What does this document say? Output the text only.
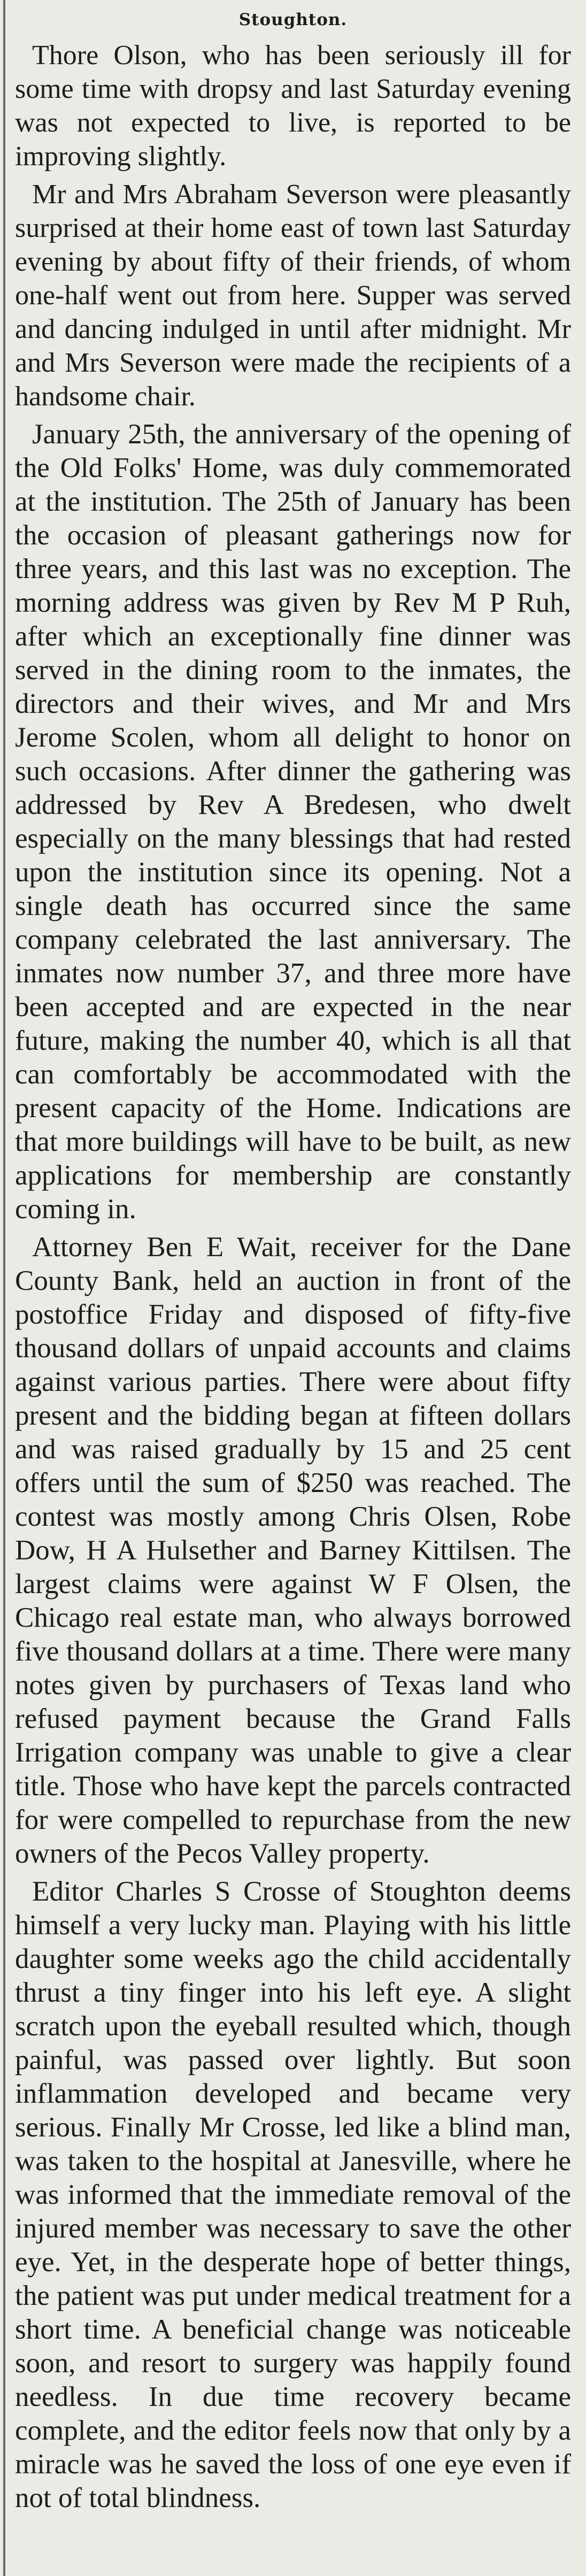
Stoughton.

Thore Olson, who has been seriously ill for some time with dropsy and last Saturday evening was not expected to live, is reported to be improving slightly.

Mr and Mrs Abraham Severson were pleasantly surprised at their home east of town last Saturday evening by about fifty of their friends, of whom one-half went out from here. Supper was served and dancing indulged in until after midnight. Mr and Mrs Severson were made the recipients of a handsome chair.

January 25th, the anniversary of the opening of the Old Folks' Home, was duly commemorated at the institution. The 25th of January has been the occasion of pleasant gatherings now for three years, and this last was no exception. The morning address was given by Rev M P Ruh, after which an exceptionally fine dinner was served in the dining room to the inmates, the directors and their wives, and Mr and Mrs Jerome Scolen, whom all delight to honor on such occasions. After dinner the gathering was addressed by Rev A Bredesen, who dwelt especially on the many blessings that had rested upon the institution since its opening. Not a single death has occurred since the same company celebrated the last anniversary. The inmates now number 37, and three more have been accepted and are expected in the near future, making the number 40, which is all that can comfortably be accommodated with the present capacity of the Home. Indications are that more buildings will have to be built, as new applications for membership are constantly coming in.

Attorney Ben E Wait, receiver for the Dane County Bank, held an auction in front of the postoffice Friday and disposed of fifty-five thousand dollars of unpaid accounts and claims against various parties. There were about fifty present and the bidding began at fifteen dollars and was raised gradually by 15 and 25 cent offers until the sum of $250 was reached. The contest was mostly among Chris Olsen, Robe Dow, H A Hulsether and Barney Kittilsen. The largest claims were against W F Olsen, the Chicago real estate man, who always borrowed five thousand dollars at a time. There were many notes given by purchasers of Texas land who refused payment because the Grand Falls Irrigation company was unable to give a clear title. Those who have kept the parcels contracted for were compelled to repurchase from the new owners of the Pecos Valley property.

Editor Charles S Crosse of Stoughton deems himself a very lucky man. Playing with his little daughter some weeks ago the child accidentally thrust a tiny finger into his left eye. A slight scratch upon the eyeball resulted which, though painful, was passed over lightly. But soon inflammation developed and became very serious. Finally Mr Crosse, led like a blind man, was taken to the hospital at Janesville, where he was informed that the immediate removal of the injured member was necessary to save the other eye. Yet, in the desperate hope of better things, the patient was put under medical treatment for a short time. A beneficial change was noticeable soon, and resort to surgery was happily found needless. In due time recovery became complete, and the editor feels now that only by a miracle was he saved the loss of one eye even if not of total blindness.
